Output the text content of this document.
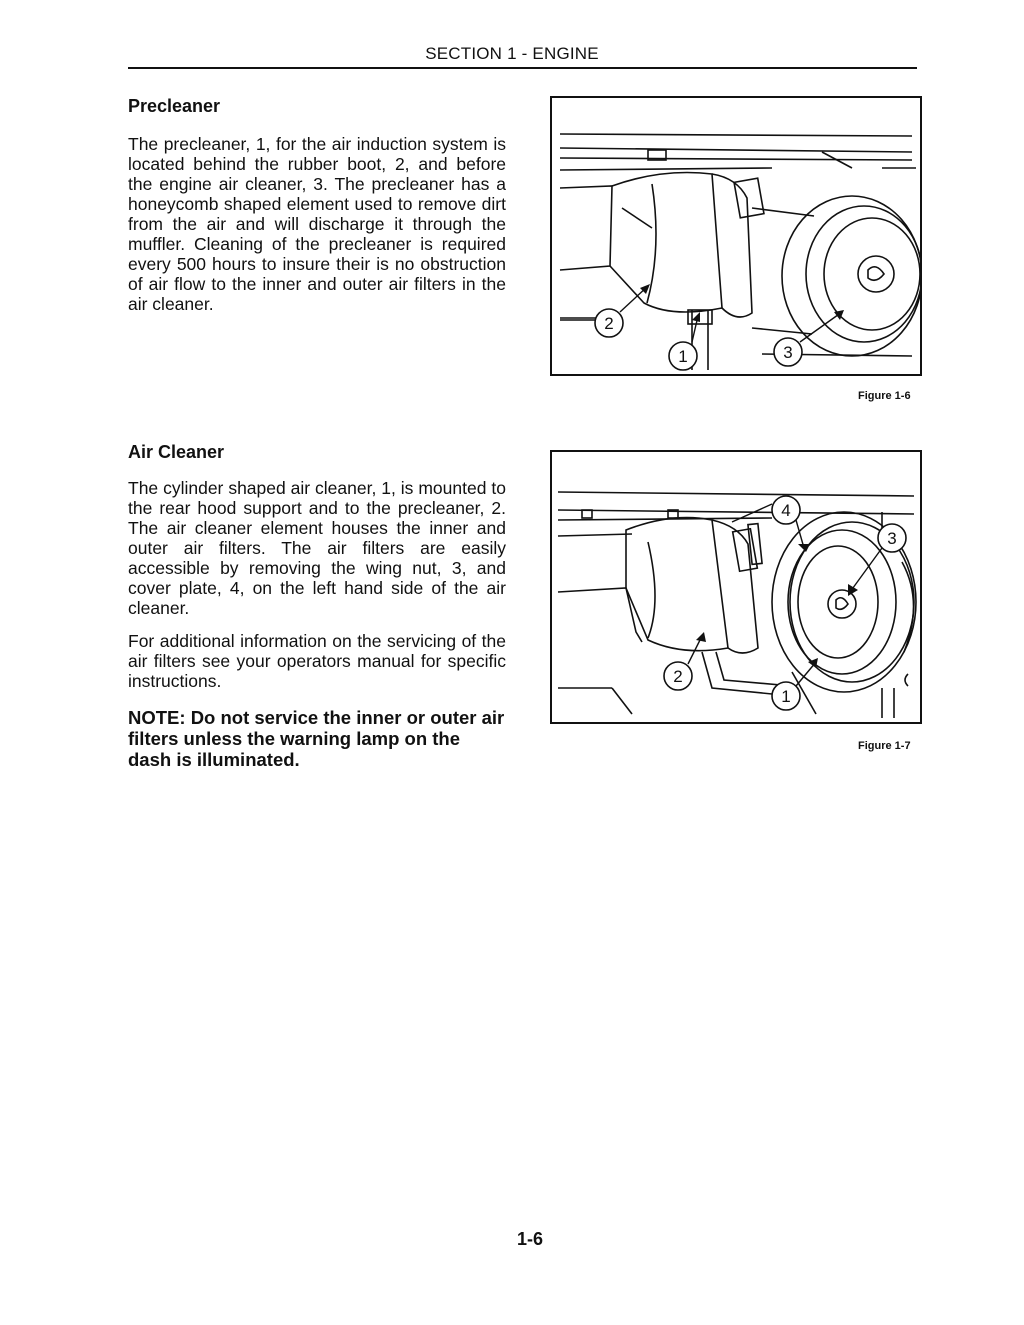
SECTION 1 - ENGINE
Precleaner

The precleaner, 1, for the air induction system is located behind the rubber boot, 2, and before the engine air cleaner, 3. The precleaner has a honeycomb shaped element used to remove dirt from the air and will discharge it through the muffler. Cleaning of the precleaner is required every 500 hours to insure their is no obstruction of air flow to the inner and outer air filters in the air cleaner.

2
1	3
Figure 1-6
Air Cleaner

The cylinder shaped air cleaner, 1, is mounted to the rear hood support and to the precleaner, 2. The air cleaner element houses the inner and outer air filters. The air filters are easily accessible by removing the wing nut, 3, and cover plate, 4, on the left hand side of the air cleaner.

For additional information on the servicing of the air filters see your operators manual for specific instructions.

NOTE: Do not service the inner or outer air filters unless the warning lamp on the dash is illuminated.

4
3
2
1
Figure 1-7
1-6
